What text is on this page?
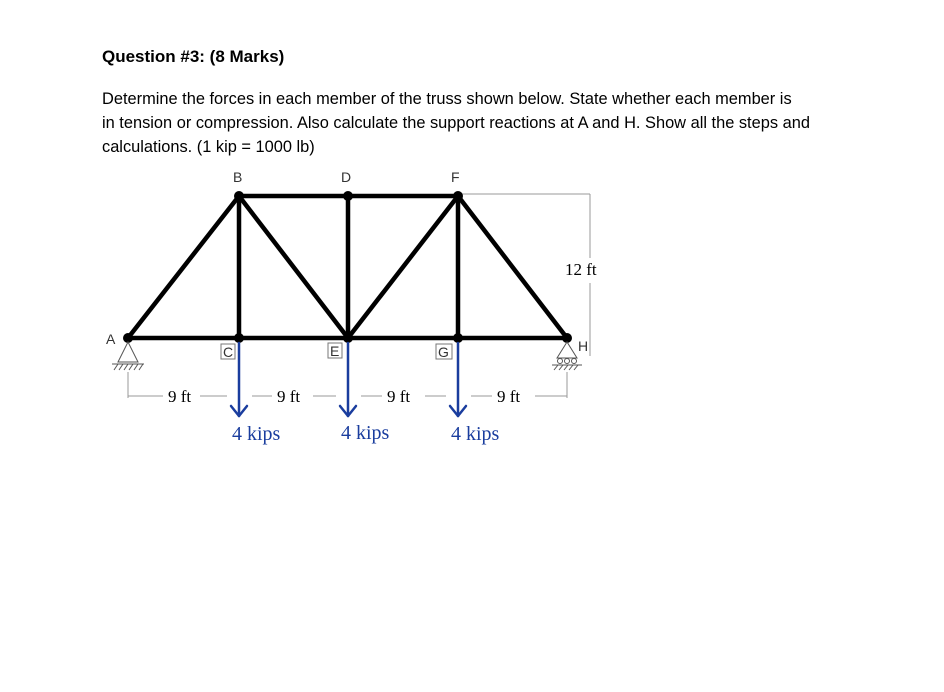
Question #3: (8 Marks)
Determine the forces in each member of the truss shown below. State whether each member is
in tension or compression. Also calculate the support reactions at A and H. Show all the steps and
calculations. (1 kip = 1000 lb)
12 ft
A
B
C
D
E
F
G	H
9 ft	9 ft	9 ft	9 ft
4 kips	4 kips	4 kips
